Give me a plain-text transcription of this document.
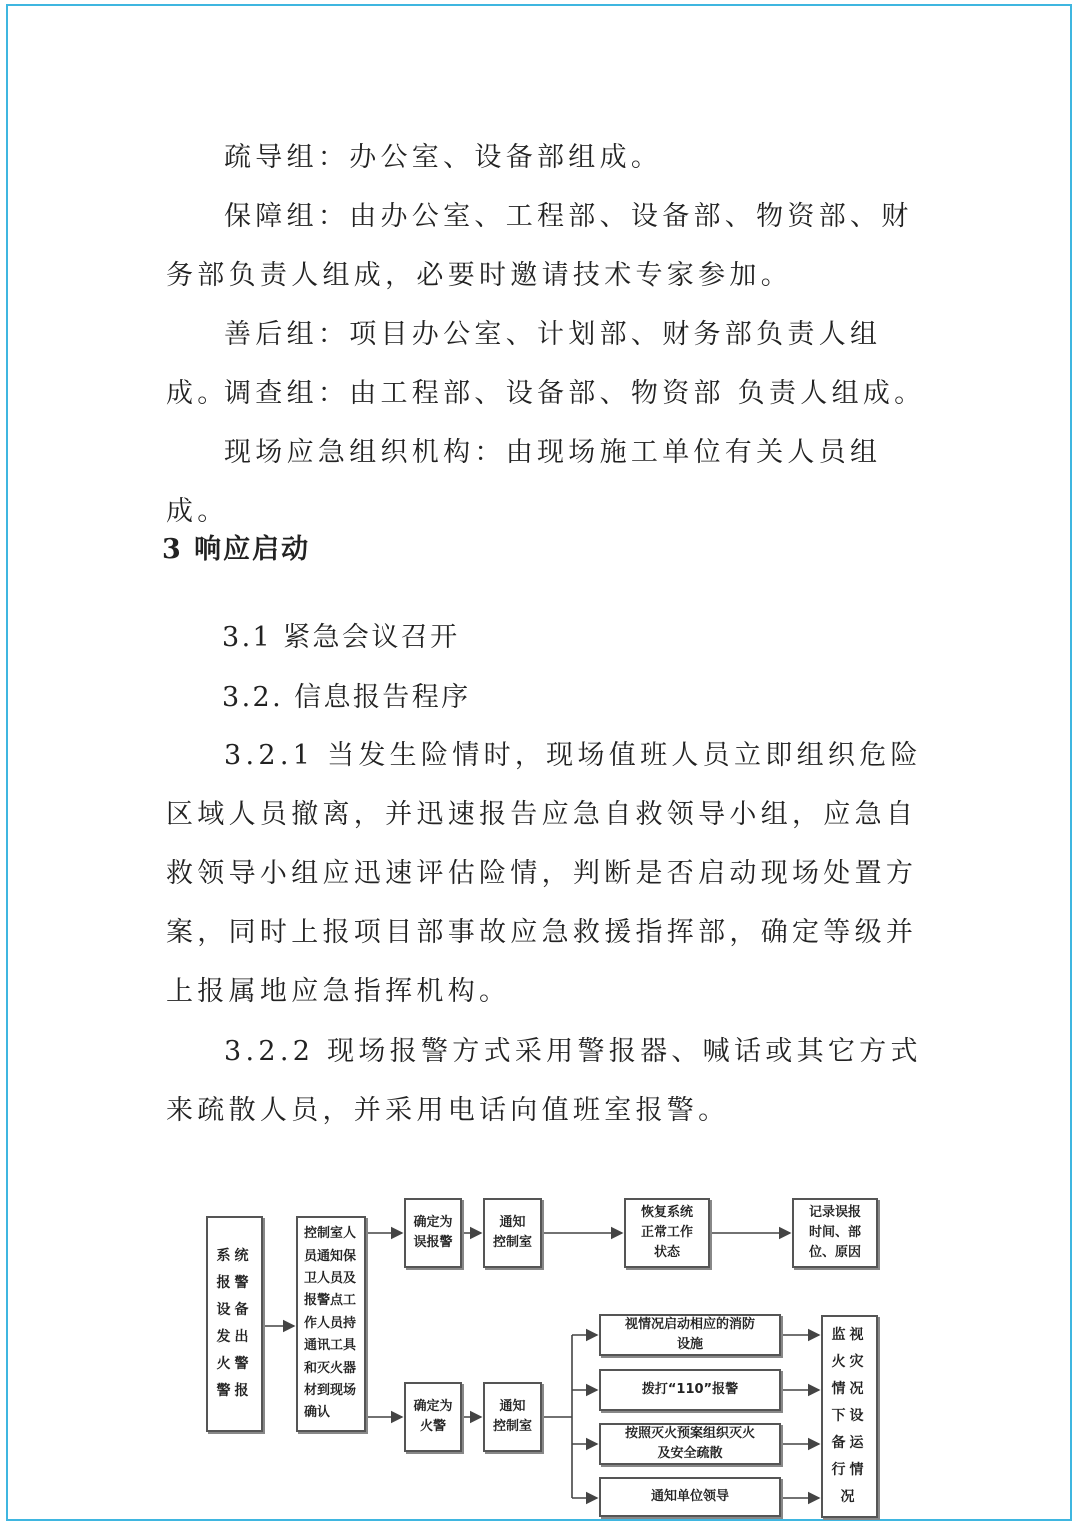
疏导组：办公室、设备部组成。

保障组：由办公室、工程部、设备部、物资部、财务部负责人组成，必要时邀请技术专家参加。

善后组：项目办公室、计划部、财务部负责人组成。

调查组：由工程部、设备部、物资部 负责人组成。

现场应急组织机构：由现场施工单位有关人员组成。

3 响应启动

3.1 紧急会议召开

3.2. 信息报告程序

3.2.1 当发生险情时，现场值班人员立即组织危险区域人员撤离，并迅速报告应急自救领导小组，应急自救领导小组应迅速评估险情，判断是否启动现场处置方案，同时上报项目部事故应急救援指挥部，确定等级并上报属地应急指挥机构。

3.2.2 现场报警方式采用警报器、喊话或其它方式来疏散人员，并采用电话向值班室报警。

系统
报警
设备
发出
火警
警报
控制室人
员通知保
卫人员及
报警点工
作人员持
通讯工具
和灭火器
材到现场
确认
确定为
误报警
通知
控制室
恢复系统
正常工作
状态
记录误报
时间、部
位、原因
确定为
火警
通知
控制室
视情况启动相应的消防
设施
拨打“110”报警
按照灭火预案组织灭火
及安全疏散
通知单位领导
监视
火灾
情况
下设
备运
行情
况
